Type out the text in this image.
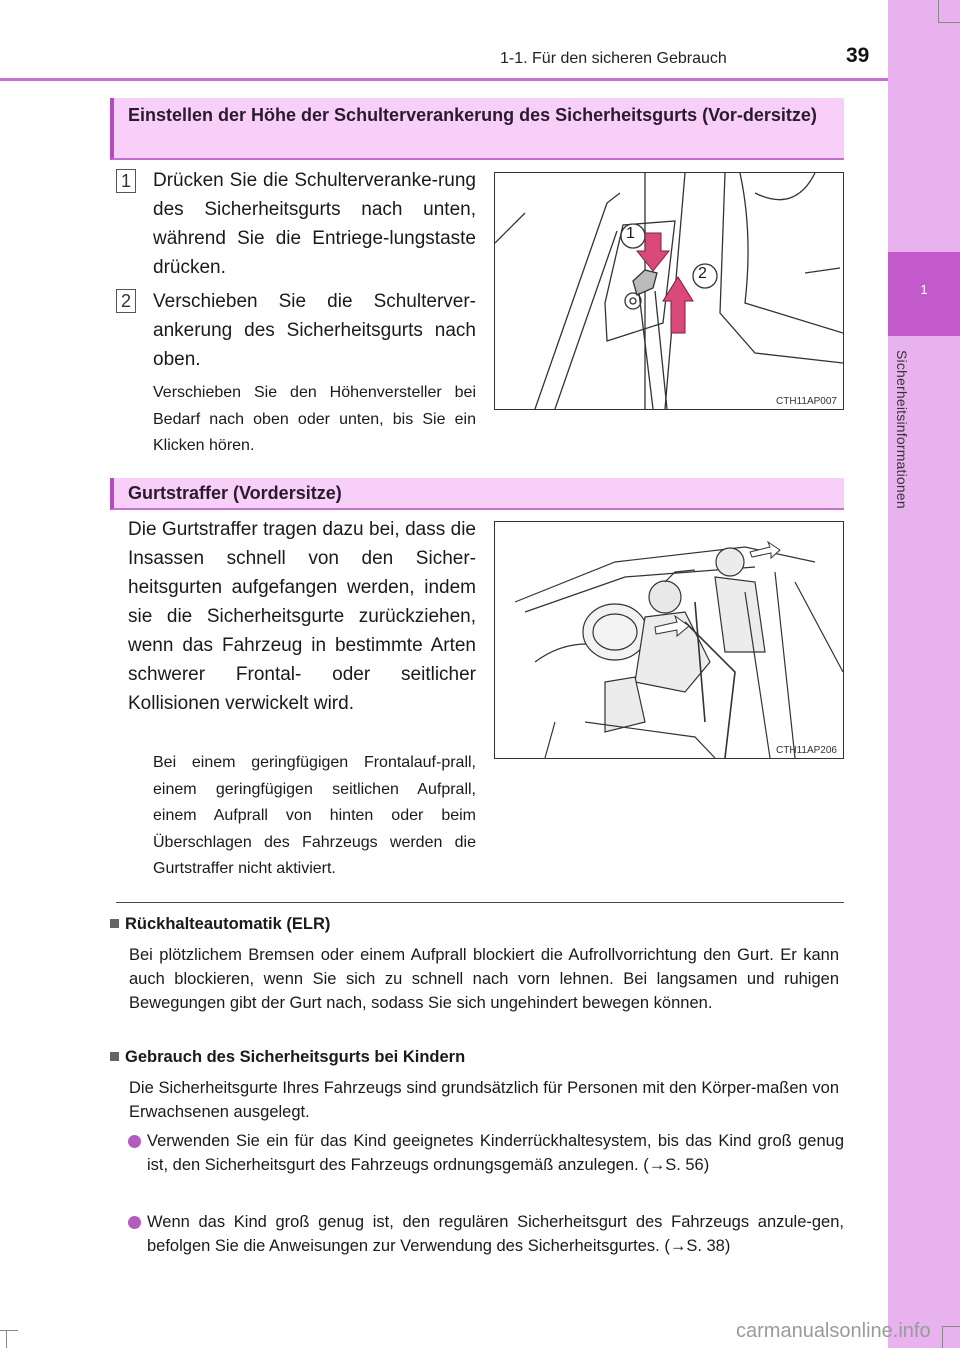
1-1. Für den sicheren Gebrauch	39
1
Sicherheitsinformationen
Einstellen der Höhe der Schulterverankerung des Sicherheitsgurts (Vor-dersitze)
1 Drücken Sie die Schulterveranke-rung des Sicherheitsgurts nach unten, während Sie die Entriege-lungstaste drücken.
2 Verschieben Sie die Schulterver-ankerung des Sicherheitsgurts nach oben.
Verschieben Sie den Höhenversteller bei Bedarf nach oben oder unten, bis Sie ein Klicken hören.
1
2
CTH11AP007
Gurtstraffer (Vordersitze)
Die Gurtstraffer tragen dazu bei, dass die Insassen schnell von den Sicher-heitsgurten aufgefangen werden, indem sie die Sicherheitsgurte zurückziehen, wenn das Fahrzeug in bestimmte Arten schwerer Frontal- oder seitlicher Kollisionen verwickelt wird.
Bei einem geringfügigen Frontalauf-prall, einem geringfügigen seitlichen Aufprall, einem Aufprall von hinten oder beim Überschlagen des Fahrzeugs werden die Gurtstraffer nicht aktiviert.
CTH11AP206
Rückhalteautomatik (ELR)
Bei plötzlichem Bremsen oder einem Aufprall blockiert die Aufrollvorrichtung den Gurt. Er kann auch blockieren, wenn Sie sich zu schnell nach vorn lehnen. Bei langsamen und ruhigen Bewegungen gibt der Gurt nach, sodass Sie sich ungehindert bewegen können.
Gebrauch des Sicherheitsgurts bei Kindern
Die Sicherheitsgurte Ihres Fahrzeugs sind grundsätzlich für Personen mit den Körper-maßen von Erwachsenen ausgelegt.
Verwenden Sie ein für das Kind geeignetes Kinderrückhaltesystem, bis das Kind groß genug ist, den Sicherheitsgurt des Fahrzeugs ordnungsgemäß anzulegen. (→S. 56)
Wenn das Kind groß genug ist, den regulären Sicherheitsgurt des Fahrzeugs anzule-gen, befolgen Sie die Anweisungen zur Verwendung des Sicherheitsgurtes. (→S. 38)
carmanualsonline.info
